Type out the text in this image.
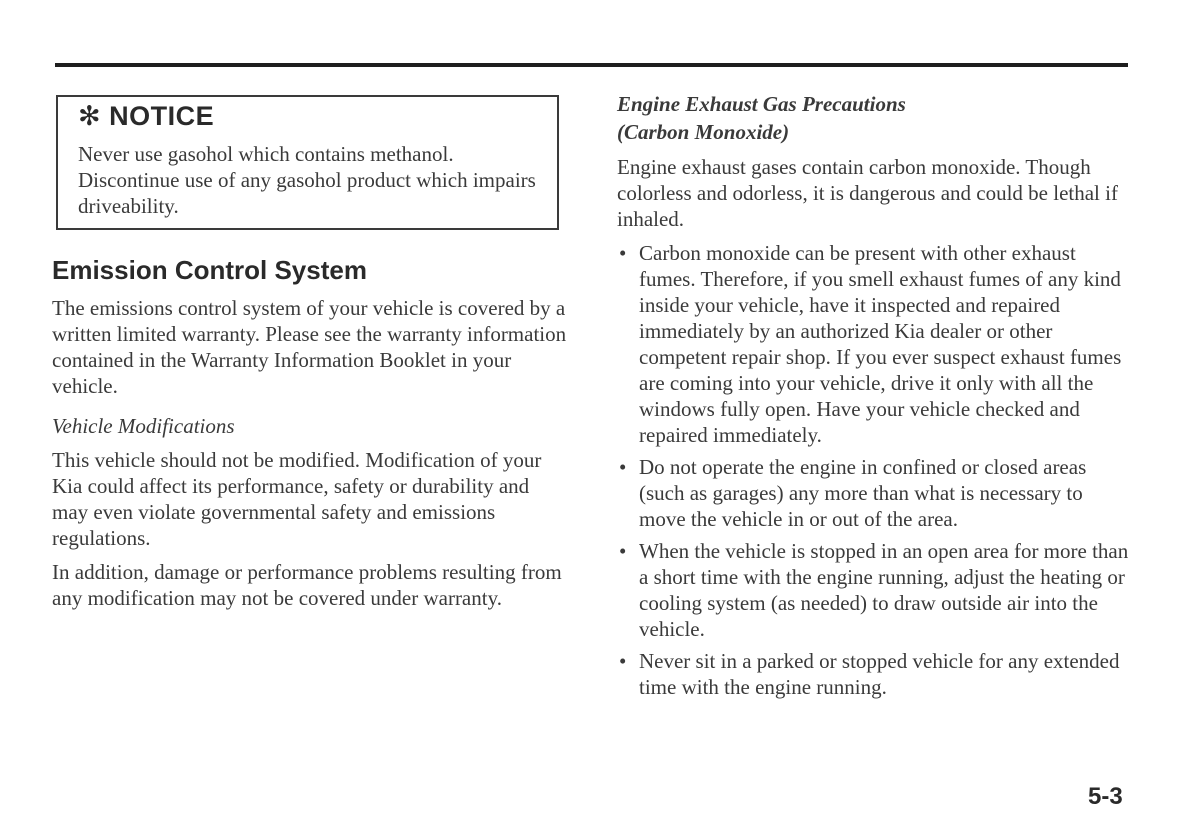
✻ NOTICE

Never use gasohol which contains methanol. Discontinue use of any gasohol product which impairs driveability.

Emission Control System

The emissions control system of your vehicle is covered by a written limited warranty. Please see the warranty information contained in the Warranty Information Booklet in your vehicle.

Vehicle Modifications

This vehicle should not be modified. Modification of your Kia could affect its performance, safety or durability and may even violate governmental safety and emissions regulations.

In addition, damage or performance problems resulting from any modification may not be covered under warranty.

Engine Exhaust Gas Precautions
(Carbon Monoxide)

Engine exhaust gases contain carbon monoxide. Though colorless and odorless, it is dangerous and could be lethal if inhaled.

• Carbon monoxide can be present with other exhaust fumes. Therefore, if you smell exhaust fumes of any kind inside your vehicle, have it inspected and repaired immediately by an authorized Kia dealer or other competent repair shop. If you ever suspect exhaust fumes are coming into your vehicle, drive it only with all the windows fully open. Have your vehicle checked and repaired immediately.
• Do not operate the engine in confined or closed areas (such as garages) any more than what is necessary to move the vehicle in or out of the area.
• When the vehicle is stopped in an open area for more than a short time with the engine running, adjust the heating or cooling system (as needed) to draw outside air into the vehicle.
• Never sit in a parked or stopped vehicle for any extended time with the engine running.
5-3
